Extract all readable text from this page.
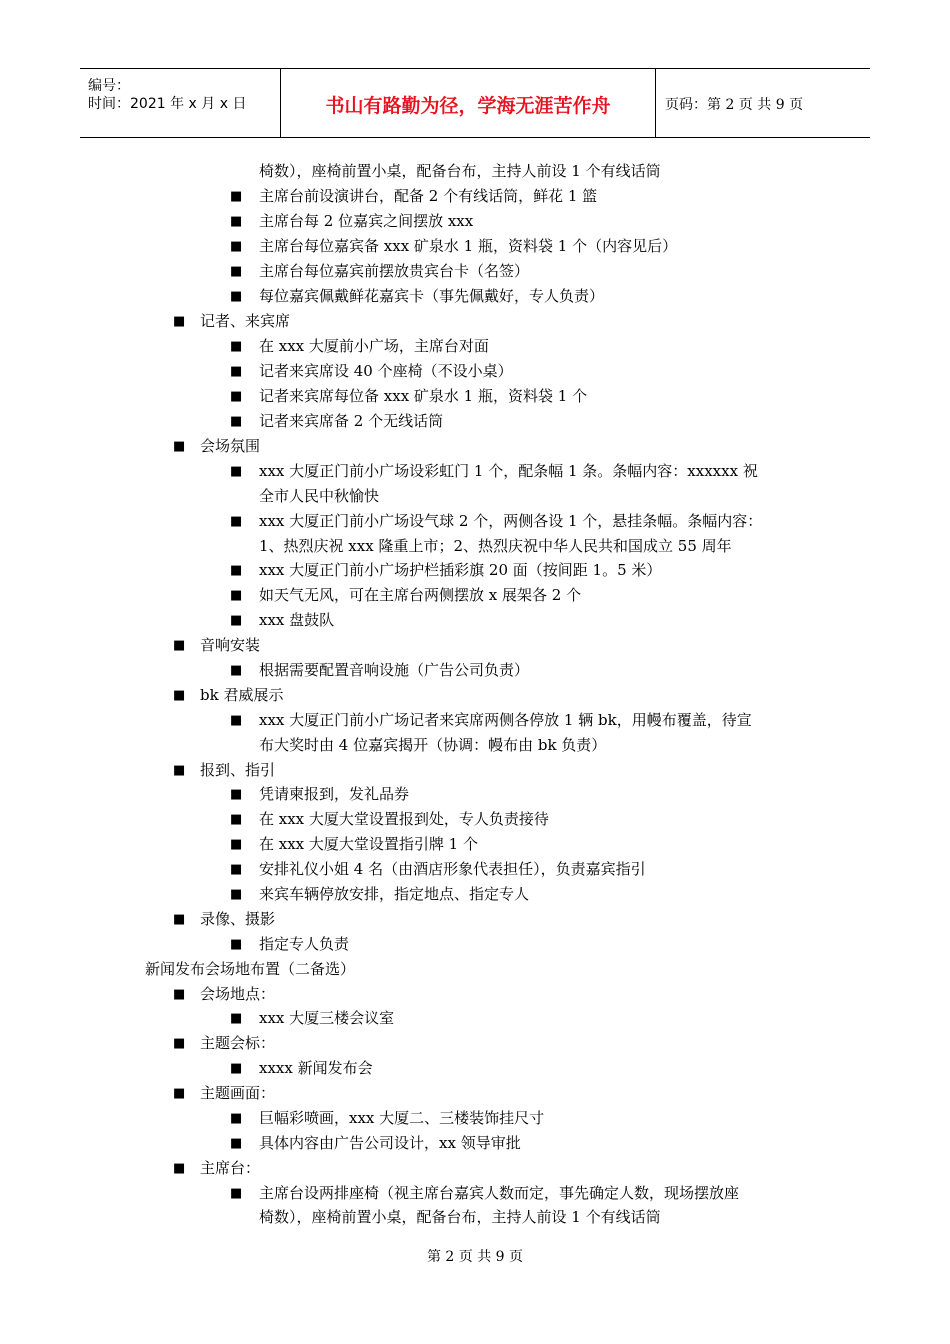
编号：
时间：2021 年 x 月 x 日	书山有路勤为径，学海无涯苦作舟	页码：第 2 页 共 9 页
椅数），座椅前置小桌，配备台布，主持人前设 1 个有线话筒
■ 主席台前设演讲台，配备 2 个有线话筒，鲜花 1 篮
■ 主席台每 2 位嘉宾之间摆放 xxx
■ 主席台每位嘉宾备 xxx 矿泉水 1 瓶，资料袋 1 个（内容见后）
■ 主席台每位嘉宾前摆放贵宾台卡（名签）
■ 每位嘉宾佩戴鲜花嘉宾卡（事先佩戴好，专人负责）
■ 记者、来宾席
■ 在 xxx 大厦前小广场，主席台对面
■ 记者来宾席设 40 个座椅（不设小桌）
■ 记者来宾席每位备 xxx 矿泉水 1 瓶，资料袋 1 个
■ 记者来宾席备 2 个无线话筒
■ 会场氛围
■ xxx 大厦正门前小广场设彩虹门 1 个，配条幅 1 条。条幅内容：xxxxxx 祝
全市人民中秋愉快
■ xxx 大厦正门前小广场设气球 2 个，两侧各设 1 个，悬挂条幅。条幅内容：
1、热烈庆祝 xxx 隆重上市；2、热烈庆祝中华人民共和国成立 55 周年
■ xxx 大厦正门前小广场护栏插彩旗 20 面（按间距 1。5 米）
■ 如天气无风，可在主席台两侧摆放 x 展架各 2 个
■ xxx 盘鼓队
■ 音响安装
■ 根据需要配置音响设施（广告公司负责）
■ bk 君威展示
■ xxx 大厦正门前小广场记者来宾席两侧各停放 1 辆 bk，用幔布覆盖，待宣
布大奖时由 4 位嘉宾揭开（协调：幔布由 bk 负责）
■ 报到、指引
■ 凭请柬报到，发礼品券
■ 在 xxx 大厦大堂设置报到处，专人负责接待
■ 在 xxx 大厦大堂设置指引牌 1 个
■ 安排礼仪小姐 4 名（由酒店形象代表担任），负责嘉宾指引
■ 来宾车辆停放安排，指定地点、指定专人
■ 录像、摄影
■ 指定专人负责
新闻发布会场地布置（二备选）
■ 会场地点：
■ xxx 大厦三楼会议室
■ 主题会标：
■ xxxx 新闻发布会
■ 主题画面：
■ 巨幅彩喷画，xxx 大厦二、三楼装饰挂尺寸
■ 具体内容由广告公司设计，xx 领导审批
■ 主席台：
■ 主席台设两排座椅（视主席台嘉宾人数而定，事先确定人数，现场摆放座
椅数），座椅前置小桌，配备台布，主持人前设 1 个有线话筒
第 2 页 共 9 页
